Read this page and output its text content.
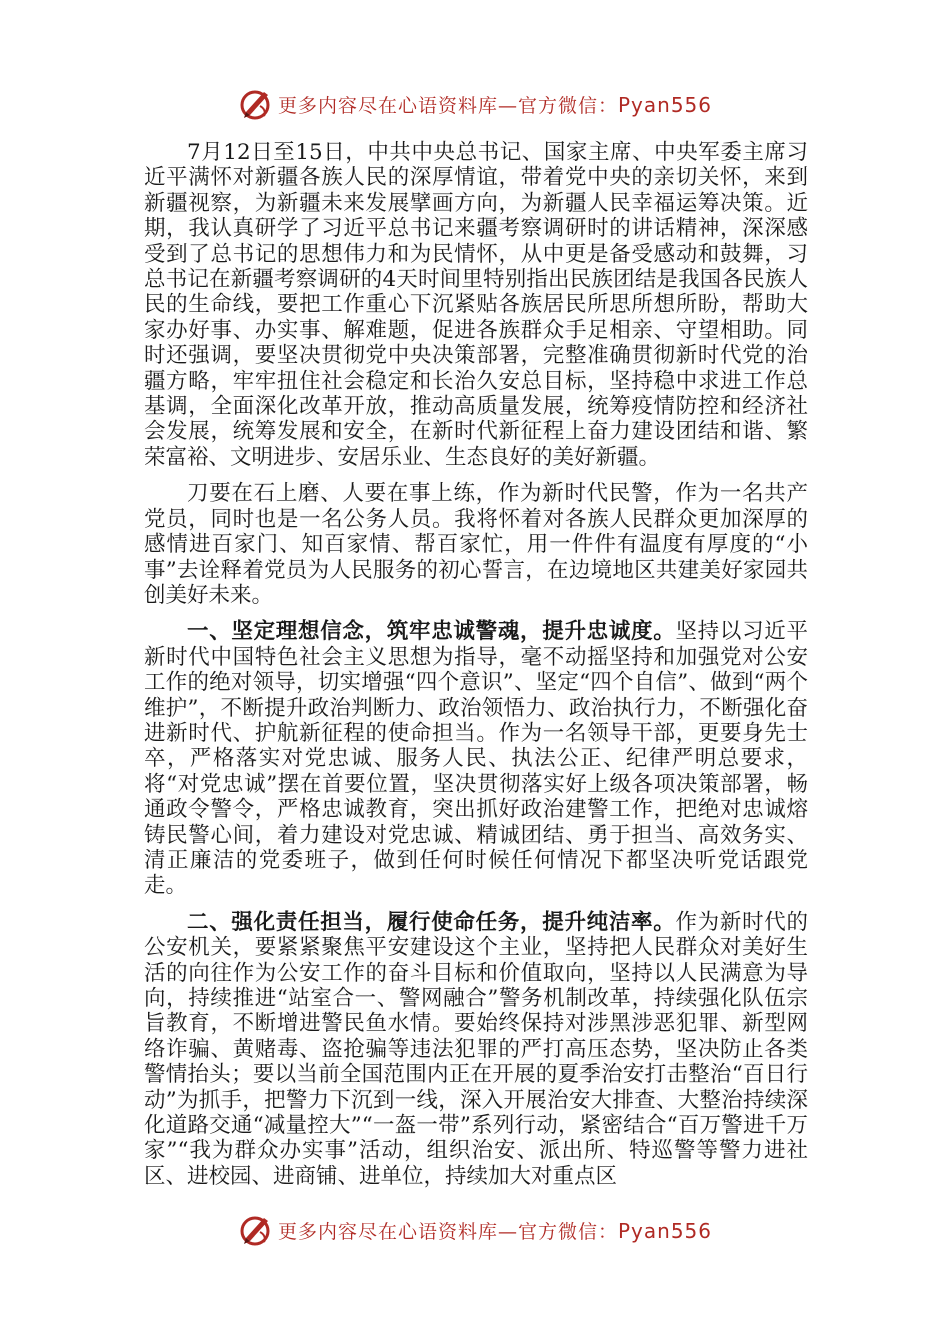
更多内容尽在心语资料库—官方微信：Pyan556

7月12日至15日，中共中央总书记、国家主席、中央军委主席习近平满怀对新疆各族人民的深厚情谊，带着党中央的亲切关怀，来到新疆视察，为新疆未来发展擘画方向，为新疆人民幸福运筹决策。近期，我认真研学了习近平总书记来疆考察调研时的讲话精神，深深感受到了总书记的思想伟力和为民情怀，从中更是备受感动和鼓舞，习总书记在新疆考察调研的4天时间里特别指出民族团结是我国各民族人民的生命线，要把工作重心下沉紧贴各族居民所思所想所盼，帮助大家办好事、办实事、解难题，促进各族群众手足相亲、守望相助。同时还强调，要坚决贯彻党中央决策部署，完整准确贯彻新时代党的治疆方略，牢牢扭住社会稳定和长治久安总目标，坚持稳中求进工作总基调，全面深化改革开放，推动高质量发展，统筹疫情防控和经济社会发展，统筹发展和安全，在新时代新征程上奋力建设团结和谐、繁荣富裕、文明进步、安居乐业、生态良好的美好新疆。

刀要在石上磨、人要在事上练，作为新时代民警，作为一名共产党员，同时也是一名公务人员。我将怀着对各族人民群众更加深厚的感情进百家门、知百家情、帮百家忙，用一件件有温度有厚度的“小事”去诠释着党员为人民服务的初心誓言，在边境地区共建美好家园共创美好未来。

一、坚定理想信念，筑牢忠诚警魂，提升忠诚度。坚持以习近平新时代中国特色社会主义思想为指导，毫不动摇坚持和加强党对公安工作的绝对领导，切实增强“四个意识”、坚定“四个自信”、做到“两个维护”，不断提升政治判断力、政治领悟力、政治执行力，不断强化奋进新时代、护航新征程的使命担当。作为一名领导干部，更要身先士卒，严格落实对党忠诚、服务人民、执法公正、纪律严明总要求，将“对党忠诚”摆在首要位置，坚决贯彻落实好上级各项决策部署，畅通政令警令，严格忠诚教育，突出抓好政治建警工作，把绝对忠诚熔铸民警心间，着力建设对党忠诚、精诚团结、勇于担当、高效务实、清正廉洁的党委班子，做到任何时候任何情况下都坚决听党话跟党走。

二、强化责任担当，履行使命任务，提升纯洁率。作为新时代的公安机关，要紧紧聚焦平安建设这个主业，坚持把人民群众对美好生活的向往作为公安工作的奋斗目标和价值取向，坚持以人民满意为导向，持续推进“站室合一、警网融合”警务机制改革，持续强化队伍宗旨教育，不断增进警民鱼水情。要始终保持对涉黑涉恶犯罪、新型网络诈骗、黄赌毒、盗抢骗等违法犯罪的严打高压态势，坚决防止各类警情抬头；要以当前全国范围内正在开展的夏季治安打击整治“百日行动”为抓手，把警力下沉到一线，深入开展治安大排查、大整治持续深化道路交通“减量控大”“一盔一带”系列行动，紧密结合“百万警进千万家”“我为群众办实事”活动，组织治安、派出所、特巡警等警力进社区、进校园、进商铺、进单位，持续加大对重点区

更多内容尽在心语资料库—官方微信：Pyan556
